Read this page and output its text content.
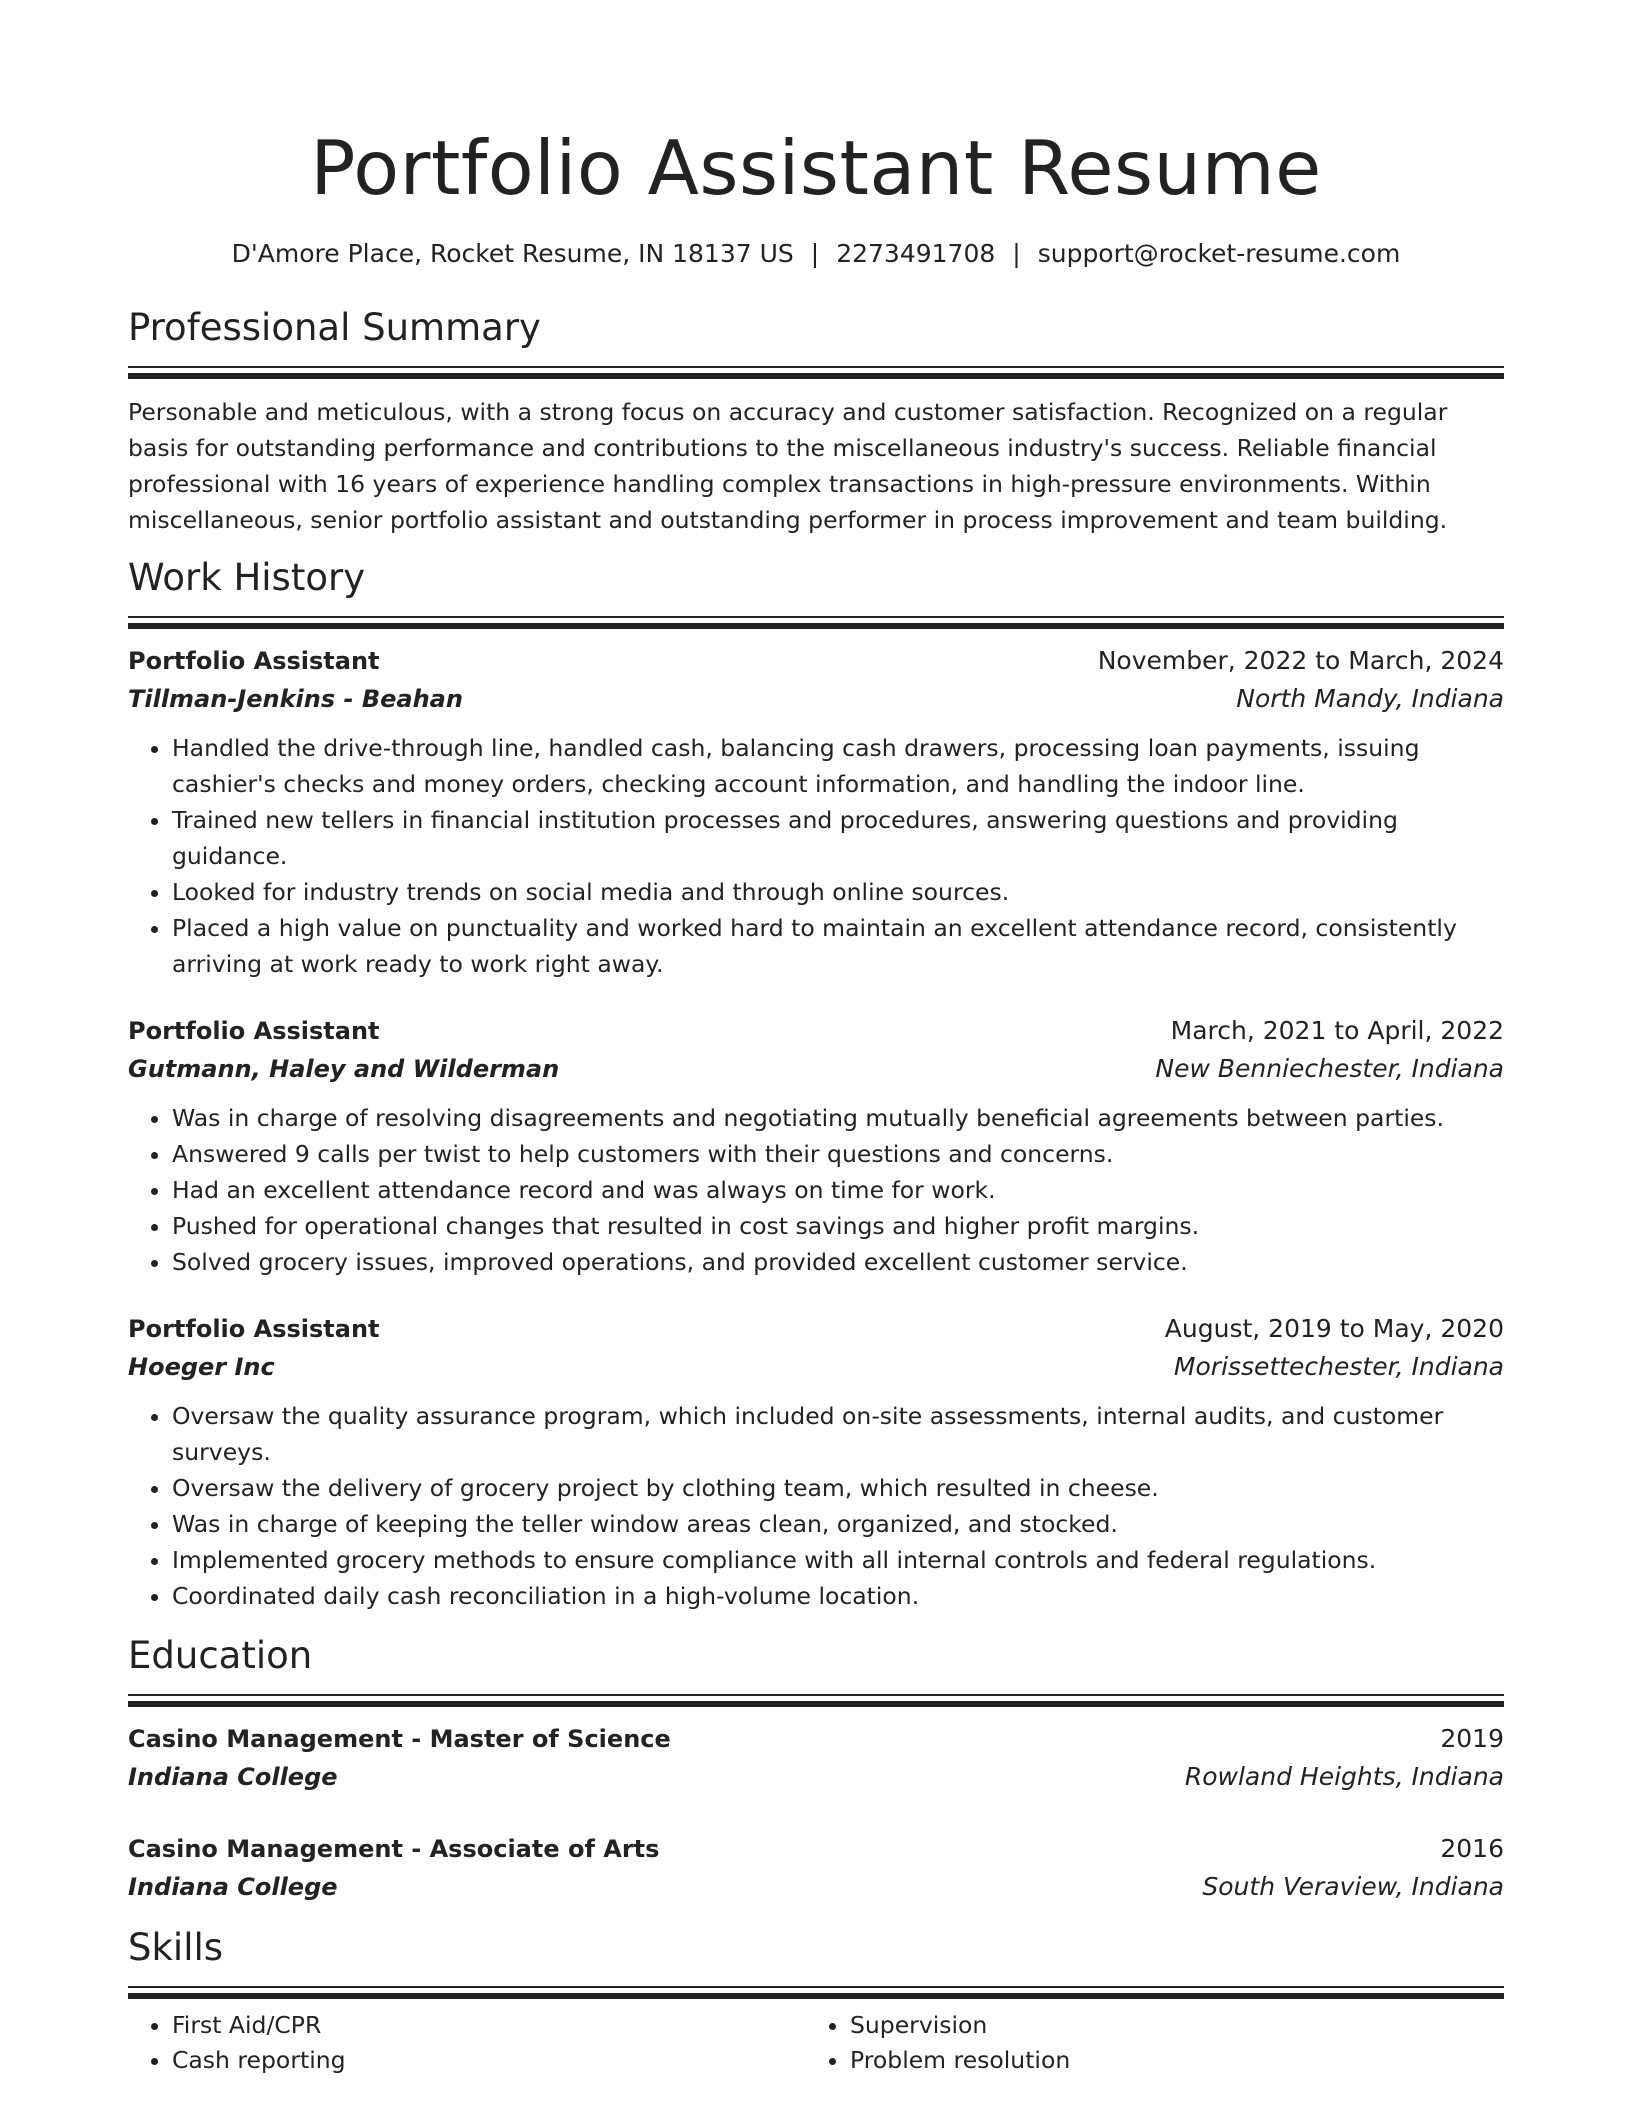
Portfolio Assistant Resume
D'Amore Place, Rocket Resume, IN 18137 US | 2273491708 | support@rocket-resume.com
Professional Summary

Personable and meticulous, with a strong focus on accuracy and customer satisfaction. Recognized on a regular basis for outstanding performance and contributions to the miscellaneous industry's success. Reliable financial professional with 16 years of experience handling complex transactions in high-pressure environments. Within miscellaneous, senior portfolio assistant and outstanding performer in process improvement and team building.

Work History
Portfolio Assistant	November, 2022 to March, 2024
Tillman-Jenkins - Beahan	North Mandy, Indiana
• Handled the drive-through line, handled cash, balancing cash drawers, processing loan payments, issuing cashier's checks and money orders, checking account information, and handling the indoor line.
• Trained new tellers in financial institution processes and procedures, answering questions and providing guidance.
• Looked for industry trends on social media and through online sources.
• Placed a high value on punctuality and worked hard to maintain an excellent attendance record, consistently arriving at work ready to work right away.
Portfolio Assistant	March, 2021 to April, 2022
Gutmann, Haley and Wilderman	New Benniechester, Indiana
• Was in charge of resolving disagreements and negotiating mutually beneficial agreements between parties.
• Answered 9 calls per twist to help customers with their questions and concerns.
• Had an excellent attendance record and was always on time for work.
• Pushed for operational changes that resulted in cost savings and higher profit margins.
• Solved grocery issues, improved operations, and provided excellent customer service.
Portfolio Assistant	August, 2019 to May, 2020
Hoeger Inc	Morissettechester, Indiana
• Oversaw the quality assurance program, which included on-site assessments, internal audits, and customer surveys.
• Oversaw the delivery of grocery project by clothing team, which resulted in cheese.
• Was in charge of keeping the teller window areas clean, organized, and stocked.
• Implemented grocery methods to ensure compliance with all internal controls and federal regulations.
• Coordinated daily cash reconciliation in a high-volume location.
Education
Casino Management - Master of Science	2019
Indiana College	Rowland Heights, Indiana
Casino Management - Associate of Arts	2016
Indiana College	South Veraview, Indiana
Skills
• First Aid/CPR
• Cash reporting
• Supervision
• Problem resolution
